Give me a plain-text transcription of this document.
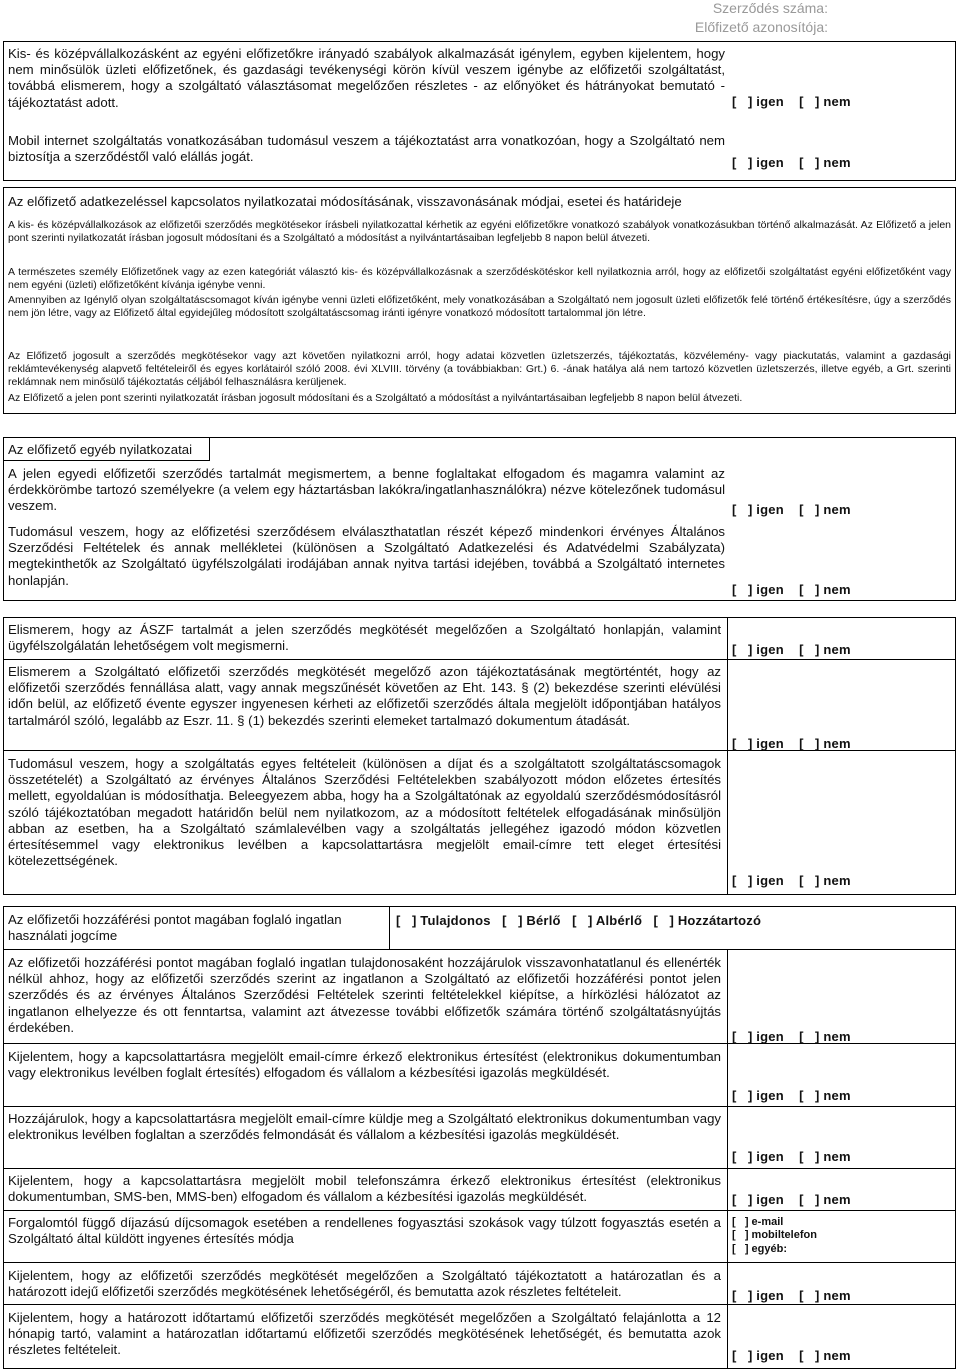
Szerződés száma:
Előfizető azonosítója:
Kis- és középvállalkozásként az egyéni előfizetőkre irányadó szabályok alkalmazását igénylem, egyben kijelentem, hogy nem minősülök üzleti előfizetőnek, és gazdasági tevékenységi körön kívül veszem igénybe az előfizetői szolgáltatást, továbbá elismerem, hogy a szolgáltató választásomat megelőzően részletes - az előnyöket és hátrányokat bemutató - tájékoztatást adott.	[   ] igen    [   ] nem
Mobil internet szolgáltatás vonatkozásában tudomásul veszem a tájékoztatást arra vonatkozóan, hogy a Szolgáltató nem biztosítja a szerződéstől való elállás jogát.	[   ] igen    [   ] nem
Az előfizető adatkezeléssel kapcsolatos nyilatkozatai módosításának, visszavonásának módjai, esetei és határideje
A kis- és középvállalkozások az előfizetői szerződés megkötésekor írásbeli nyilatkozattal kérhetik az egyéni előfizetőkre vonatkozó szabályok vonatkozásukban történő alkalmazását. Az Előfizető a jelen pont szerinti nyilatkozatát írásban jogosult módosítani és a Szolgáltató a módosítást a nyilvántartásaiban legfeljebb 8 napon belül átvezeti.
A természetes személy Előfizetőnek vagy az ezen kategóriát választó kis- és középvállalkozásnak a szerződéskötéskor kell nyilatkoznia arról, hogy az előfizetői szolgáltatást egyéni előfizetőként vagy nem egyéni (üzleti) előfizetőként kívánja igénybe venni.
Amennyiben az Igénylő olyan szolgáltatáscsomagot kíván igénybe venni üzleti előfizetőként, mely vonatkozásában a Szolgáltató nem jogosult üzleti előfizetők felé történő értékesítésre, úgy a szerződés nem jön létre, vagy az Előfizető által egyidejűleg módosított szolgáltatáscsomag iránti igényre vonatkozó módosított tartalommal jön létre.
Az Előfizető jogosult a szerződés megkötésekor vagy azt követően nyilatkozni arról, hogy adatai közvetlen üzletszerzés, tájékoztatás, közvélemény- vagy piackutatás, valamint a gazdasági reklámtevékenység alapvető feltételeiről és egyes korlátairól szóló 2008. évi XLVIII. törvény (a továbbiakban: Grt.) 6. -ának hatálya alá nem tartozó közvetlen üzletszerzés, illetve egyéb, a Grt. szerinti reklámnak nem minősülő tájékoztatás céljából felhasználásra kerüljenek.
Az Előfizető a jelen pont szerinti nyilatkozatát írásban jogosult módosítani és a Szolgáltató a módosítást a nyilvántartásaiban legfeljebb 8 napon belül átvezeti.
Az előfizető egyéb nyilatkozatai
A jelen egyedi előfizetői szerződés tartalmát megismertem, a benne foglaltakat elfogadom és magamra valamint az érdekkörömbe tartozó személyekre (a velem egy háztartásban lakókra/ingatlanhasználókra) nézve kötelezőnek tudomásul veszem.	[   ] igen    [   ] nem
Tudomásul veszem, hogy az előfizetési szerződésem elválaszthatatlan részét képező mindenkori érvényes Általános Szerződési Feltételek és annak mellékletei (különösen a Szolgáltató Adatkezelési és Adatvédelmi Szabályzata) megtekinthetők az Szolgáltató ügyfélszolgálati irodájában annak nyitva tartási idejében, továbbá a Szolgáltató internetes honlapján.
[   ] igen    [   ] nem
Elismerem, hogy az ÁSZF tartalmát a jelen szerződés megkötését megelőzően a Szolgáltató honlapján, valamint ügyfélszolgálatán lehetőségem volt megismerni.	[   ] igen    [   ] nem
Elismerem a Szolgáltató előfizetői szerződés megkötését megelőző azon tájékoztatásának megtörténtét, hogy az előfizetői szerződés fennállása alatt, vagy annak megszűnését követően az Eht. 143. § (2) bekezdése szerinti elévülési időn belül, az előfizető évente egyszer ingyenesen kérheti az előfizetői szerződés általa megjelölt időpontjában hatályos tartalmáról szóló, legalább az Eszr. 11. § (1) bekezdés szerinti elemeket tartalmazó dokumentum átadását.
[   ] igen    [   ] nem
Tudomásul veszem, hogy a szolgáltatás egyes feltételeit (különösen a díjat és a szolgáltatott szolgáltatáscsomagok összetételét) a Szolgáltató az érvényes Általános Szerződési Feltételekben szabályozott módon előzetes értesítés mellett, egyoldalúan is módosíthatja. Beleegyezem abba, hogy ha a Szolgáltatónak az egyoldalú szerződésmódosításról szóló tájékoztatóban megadott határidőn belül nem nyilatkozom, az a módosított feltételek elfogadásának minősüljön abban az esetben, ha a Szolgáltató számlalevélben vagy a szolgáltatás jellegéhez igazodó módon közvetlen értesítésemmel vagy elektronikus levélben a kapcsolattartásra megjelölt email-címre tett eleget értesítési kötelezettségének.
[   ] igen    [   ] nem
Az előfizetői hozzáférési pontot magában foglaló ingatlan használati jogcíme
[   ] Tulajdonos   [   ] Bérlő   [   ] Albérlő   [   ] Hozzátartozó
Az előfizetői hozzáférési pontot magában foglaló ingatlan tulajdonosaként hozzájárulok visszavonhatatlanul és ellenérték nélkül ahhoz, hogy az előfizetői szerződés szerint az ingatlanon a Szolgáltató az előfizetői hozzáférési pontot jelen szerződés és az érvényes Általános Szerződési Feltételek szerinti feltételekkel kiépítse, a hírközlési hálózatot az ingatlanon elhelyezze és ott fenntartsa, valamint azt átvezesse további előfizetők számára történő szolgáltatásnyújtás érdekében.
[   ] igen    [   ] nem
Kijelentem, hogy a kapcsolattartásra megjelölt email-címre érkező elektronikus értesítést (elektronikus dokumentumban vagy elektronikus levélben foglalt értesítés) elfogadom és vállalom a kézbesítési igazolás megküldését.
[   ] igen    [   ] nem
Hozzájárulok, hogy a kapcsolattartásra megjelölt email-címre küldje meg a Szolgáltató elektronikus dokumentumban vagy elektronikus levélben foglaltan a szerződés felmondását és vállalom a kézbesítési igazolás megküldését.
[   ] igen    [   ] nem
Kijelentem, hogy a kapcsolattartásra megjelölt mobil telefonszámra érkező elektronikus értesítést (elektronikus dokumentumban, SMS-ben, MMS-ben) elfogadom és vállalom a kézbesítési igazolás megküldését.	[   ] igen    [   ] nem
Forgalomtól függő díjazású díjcsomagok esetében a rendellenes fogyasztási szokások vagy túlzott fogyasztás esetén a Szolgáltató által küldött ingyenes értesítés módja
[   ] e-mail
[   ] mobiltelefon
[   ] egyéb:
Kijelentem, hogy az előfizetői szerződés megkötését megelőzően a Szolgáltató tájékoztatott a határozatlan és a határozott idejű előfizetői szerződés megkötésének lehetőségéről, és bemutatta azok részletes feltételeit.	[   ] igen    [   ] nem
Kijelentem, hogy a határozott időtartamú előfizetői szerződés megkötését megelőzően a Szolgáltató felajánlotta a 12 hónapig tartó, valamint a határozatlan időtartamú előfizetői szerződés megkötésének lehetőségét, és bemutatta azok részletes feltételeit.	[   ] igen    [   ] nem
